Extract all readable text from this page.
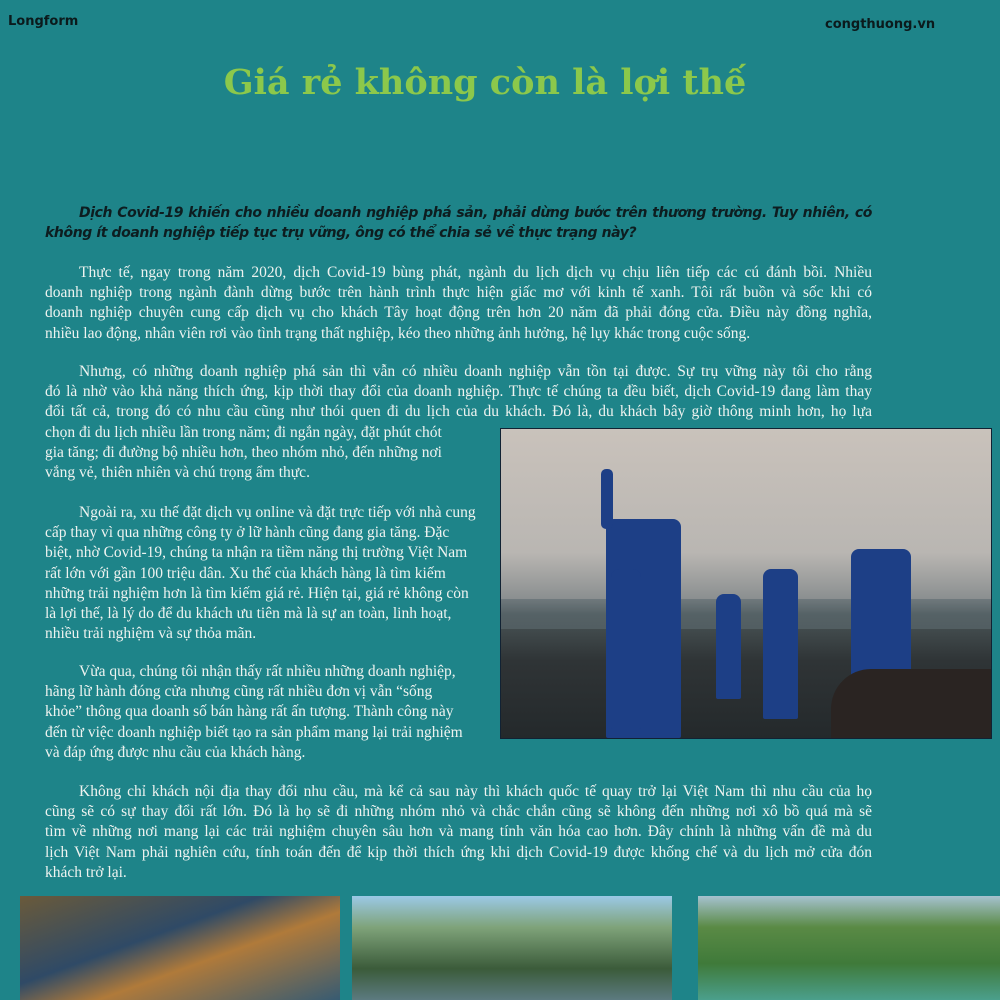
Longform	congthuong.vn
Giá rẻ không còn là lợi thế
Dịch Covid-19 khiến cho nhiều doanh nghiệp phá sản, phải dừng bước trên thương trường. Tuy nhiên, có
không ít doanh nghiệp tiếp tục trụ vững, ông có thể chia sẻ về thực trạng này?
Thực tế, ngay trong năm 2020, dịch Covid-19 bùng phát, ngành du lịch dịch vụ chịu liên tiếp các cú đánh bồi. Nhiều
doanh nghiệp trong ngành đành dừng bước trên hành trình thực hiện giấc mơ với kinh tế xanh. Tôi rất buồn và sốc khi có
doanh nghiệp chuyên cung cấp dịch vụ cho khách Tây hoạt động trên hơn 20 năm đã phải đóng cửa. Điều này đồng nghĩa,
nhiều lao động, nhân viên rơi vào tình trạng thất nghiệp, kéo theo những ảnh hưởng, hệ lụy khác trong cuộc sống.
Nhưng, có những doanh nghiệp phá sản thì vẫn có nhiều doanh nghiệp vẫn tồn tại được. Sự trụ vững này tôi cho rằng
đó là nhờ vào khả năng thích ứng, kịp thời thay đổi của doanh nghiệp. Thực tế chúng ta đều biết, dịch Covid-19 đang làm thay
đổi tất cả, trong đó có nhu cầu cũng như thói quen đi du lịch của du khách. Đó là, du khách bây giờ thông minh hơn, họ lựa
chọn đi du lịch nhiều lần trong năm; đi ngắn ngày, đặt phút chót
gia tăng; đi đường bộ nhiều hơn, theo nhóm nhỏ, đến những nơi
vắng vẻ, thiên nhiên và chú trọng ẩm thực.
Ngoài ra, xu thế đặt dịch vụ online và đặt trực tiếp với nhà cung
cấp thay vì qua những công ty ở lữ hành cũng đang gia tăng. Đặc
biệt, nhờ Covid-19, chúng ta nhận ra tiềm năng thị trường Việt Nam
rất lớn với gần 100 triệu dân. Xu thế của khách hàng là tìm kiếm
những trải nghiệm hơn là tìm kiếm giá rẻ. Hiện tại, giá rẻ không còn
là lợi thế, là lý do để du khách ưu tiên mà là sự an toàn, linh hoạt,
nhiều trải nghiệm và sự thỏa mãn.
Vừa qua, chúng tôi nhận thấy rất nhiều những doanh nghiệp,
hãng lữ hành đóng cửa nhưng cũng rất nhiều đơn vị vẫn “sống
khỏe” thông qua doanh số bán hàng rất ấn tượng. Thành công này
đến từ việc doanh nghiệp biết tạo ra sản phẩm mang lại trải nghiệm
và đáp ứng được nhu cầu của khách hàng.
Không chỉ khách nội địa thay đổi nhu cầu, mà kể cả sau này thì khách quốc tế quay trở lại Việt Nam thì nhu cầu của họ
cũng sẽ có sự thay đổi rất lớn. Đó là họ sẽ đi những nhóm nhỏ và chắc chắn cũng sẽ không đến những nơi xô bồ quá mà sẽ
tìm về những nơi mang lại các trải nghiệm chuyên sâu hơn và mang tính văn hóa cao hơn. Đây chính là những vấn đề mà du
lịch Việt Nam phải nghiên cứu, tính toán đến để kịp thời thích ứng khi dịch Covid-19 được khống chế và du lịch mở cửa đón
khách trở lại.
